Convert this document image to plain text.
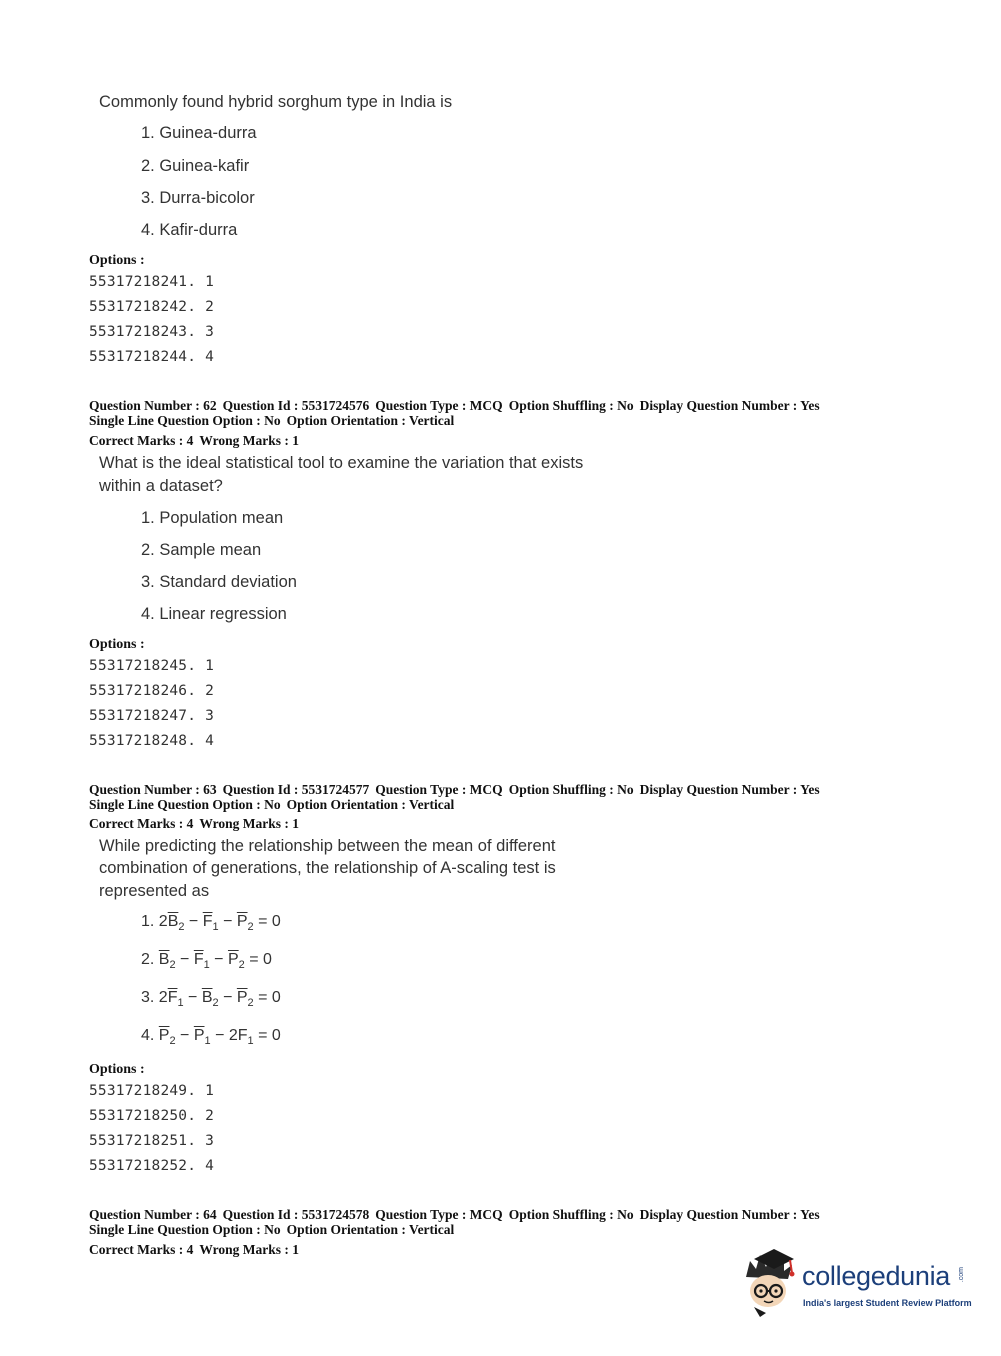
Commonly found hybrid sorghum type in India is
1. Guinea-durra
2. Guinea-kafir
3. Durra-bicolor
4. Kafir-durra
Options :
55317218241. 1
55317218242. 2
55317218243. 3
55317218244. 4
Question Number : 62 Question Id : 5531724576 Question Type : MCQ Option Shuffling : No Display Question Number : Yes
Single Line Question Option : No Option Orientation : Vertical
Correct Marks : 4 Wrong Marks : 1
What is the ideal statistical tool to examine the variation that exists
within a dataset?
1. Population mean
2. Sample mean
3. Standard deviation
4. Linear regression
Options :
55317218245. 1
55317218246. 2
55317218247. 3
55317218248. 4
Question Number : 63 Question Id : 5531724577 Question Type : MCQ Option Shuffling : No Display Question Number : Yes
Single Line Question Option : No Option Orientation : Vertical
Correct Marks : 4 Wrong Marks : 1
While predicting the relationship between the mean of different
combination of generations, the relationship of A-scaling test is
represented as
1. $2\overline{B}_2 - \overline{F}_1 - \overline{P}_2 = 0$
2. $\overline{B}_2 - \overline{F}_1 - \overline{P}_2 = 0$
3. $2\overline{F}_1 - \overline{B}_2 - \overline{P}_2 = 0$
4. $\overline{P}_2 - \overline{P}_1 - 2F_1 = 0$
Options :
55317218249. 1
55317218250. 2
55317218251. 3
55317218252. 4
Question Number : 64 Question Id : 5531724578 Question Type : MCQ Option Shuffling : No Display Question Number : Yes
Single Line Question Option : No Option Orientation : Vertical
Correct Marks : 4 Wrong Marks : 1
collegedunia .com
India's largest Student Review Platform
